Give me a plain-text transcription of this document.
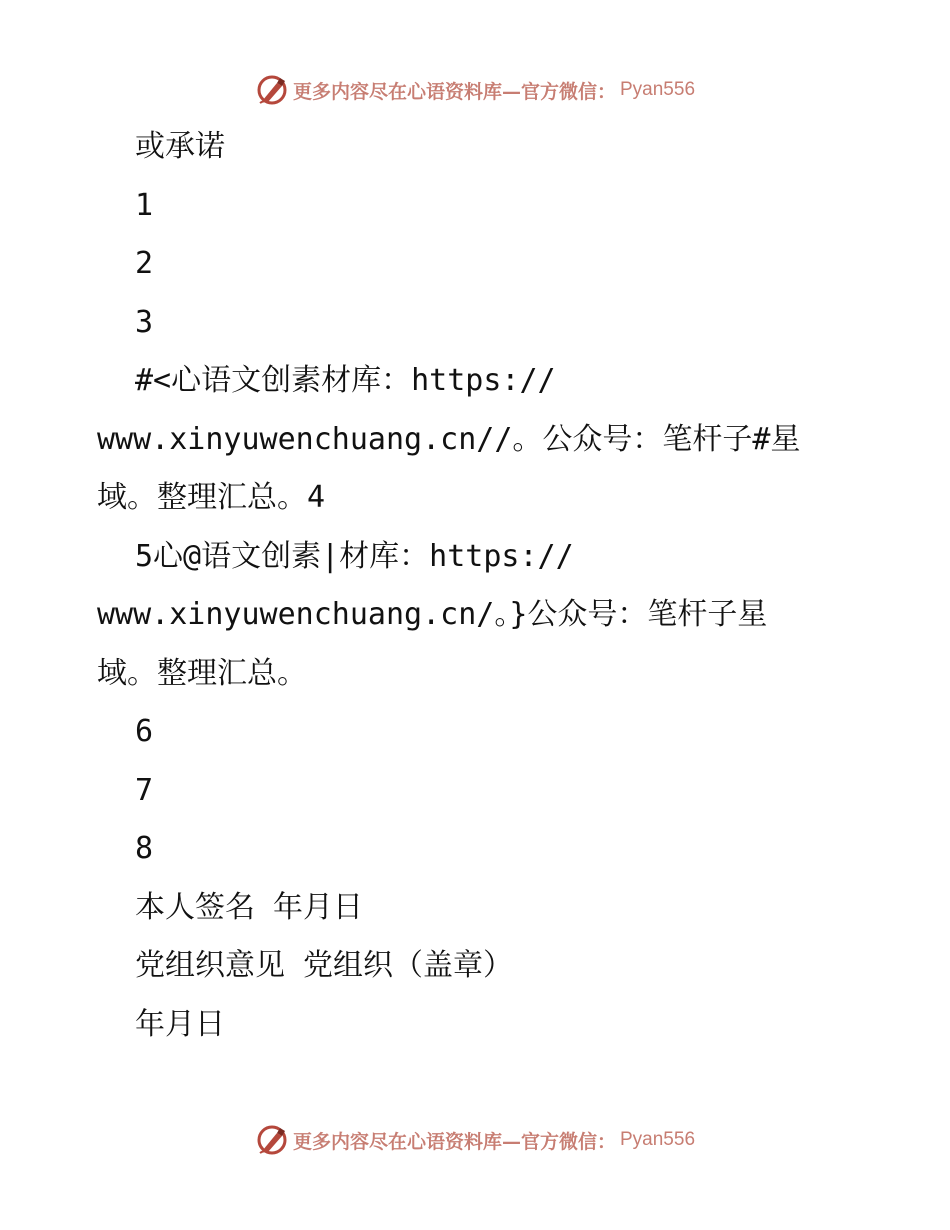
更多内容尽在心语资料库—官方微信： Pyan556
或承诺
1
2
3
#<心语文创素材库：https://
www.xinyuwenchuang.cn//。公众号：笔杆子#星
域。整理汇总。4
5心@语文创素|材库：https://
www.xinyuwenchuang.cn/。}公众号：笔杆子星
域。整理汇总。
6
7
8
本人签名 年月日
党组织意见 党组织（盖章）
年月日
更多内容尽在心语资料库—官方微信： Pyan556
